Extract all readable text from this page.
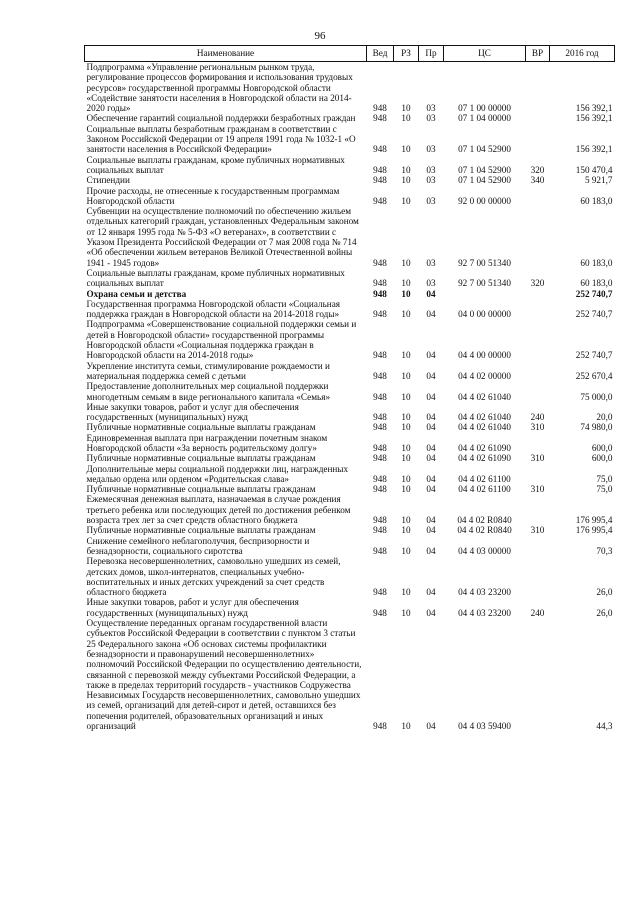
96
Наименование	Вед	РЗ	Пр	ЦС	ВР	2016 год
Подпрограмма «Управление региональным рынком труда, регулирование процессов формирования и использования трудовых ресурсов» государственной программы Новгородской области «Содействие занятости населения в Новгородской области на 2014-2020 годы»	948	10	03	07 1 00 00000		156 392,1
Обеспечение гарантий социальной поддержки безработных граждан	948	10	03	07 1 04 00000		156 392,1
Социальные выплаты безработным гражданам в соответствии с Законом Российской Федерации от 19 апреля 1991 года № 1032-1 «О занятости населения в Российской Федерации»	948	10	03	07 1 04 52900		156 392,1
Социальные выплаты гражданам, кроме публичных нормативных социальных выплат	948	10	03	07 1 04 52900	320	150 470,4
Стипендии	948	10	03	07 1 04 52900	340	5 921,7
Прочие расходы, не отнесенные к государственным программам Новгородской области	948	10	03	92 0 00 00000		60 183,0
Субвенции на осуществление полномочий по обеспечению жильем отдельных категорий граждан, установленных Федеральным законом от 12 января 1995 года № 5-ФЗ «О ветеранах», в соответствии с Указом Президента Российской Федерации от 7 мая 2008 года № 714 «Об обеспечении жильем ветеранов Великой Отечественной войны 1941 - 1945 годов»	948	10	03	92 7 00 51340		60 183,0
Социальные выплаты гражданам, кроме публичных нормативных социальных выплат	948	10	03	92 7 00 51340	320	60 183,0
Охрана семьи и детства	948	10	04			252 740,7
Государственная программа Новгородской области «Социальная поддержка граждан в Новгородской области на 2014-2018 годы»	948	10	04	04 0 00 00000		252 740,7
Подпрограмма «Совершенствование социальной поддержки семьи и детей в Новгородской области» государственной программы Новгородской области «Социальная поддержка граждан в Новгородской области на 2014-2018 годы»	948	10	04	04 4 00 00000		252 740,7
Укрепление института семьи, стимулирование рождаемости и материальная поддержка семей с детьми	948	10	04	04 4 02 00000		252 670,4
Предоставление дополнительных мер социальной поддержки многодетным семьям в виде регионального капитала «Семья»	948	10	04	04 4 02 61040		75 000,0
Иные закупки товаров, работ и услуг для обеспечения государственных (муниципальных) нужд	948	10	04	04 4 02 61040	240	20,0
Публичные нормативные социальные выплаты гражданам	948	10	04	04 4 02 61040	310	74 980,0
Единовременная выплата при награждении почетным знаком Новгородской области «За верность родительскому долгу»	948	10	04	04 4 02 61090		600,0
Публичные нормативные социальные выплаты гражданам	948	10	04	04 4 02 61090	310	600,0
Дополнительные меры социальной поддержки лиц, награжденных медалью ордена или орденом «Родительская слава»	948	10	04	04 4 02 61100		75,0
Публичные нормативные социальные выплаты гражданам	948	10	04	04 4 02 61100	310	75,0
Ежемесячная денежная выплата, назначаемая в случае рождения третьего ребенка или последующих детей по достижения ребенком возраста трех лет за счет средств областного бюджета	948	10	04	04 4 02 R0840		176 995,4
Публичные нормативные социальные выплаты гражданам	948	10	04	04 4 02 R0840	310	176 995,4
Снижение семейного неблагополучия, беспризорности и безнадзорности, социального сиротства	948	10	04	04 4 03 00000		70,3
Перевозка несовершеннолетних, самовольно ушедших из семей, детских домов, школ-интернатов, специальных учебно-воспитательных и иных детских учреждений за счет средств областного бюджета	948	10	04	04 4 03 23200		26,0
Иные закупки товаров, работ и услуг для обеспечения государственных (муниципальных) нужд	948	10	04	04 4 03 23200	240	26,0
Осуществление переданных органам государственной власти субъектов Российской Федерации в соответствии с пунктом 3 статьи 25 Федерального закона «Об основах системы профилактики безнадзорности и правонарушений несовершеннолетних» полномочий Российской Федерации по осуществлению деятельности, связанной с перевозкой между субъектами Российской Федерации, а также в пределах территорий государств - участников Содружества Независимых Государств несовершеннолетних, самовольно ушедших из семей, организаций для детей-сирот и детей, оставшихся без попечения родителей, образовательных организаций и иных организаций	948	10	04	04 4 03 59400		44,3
